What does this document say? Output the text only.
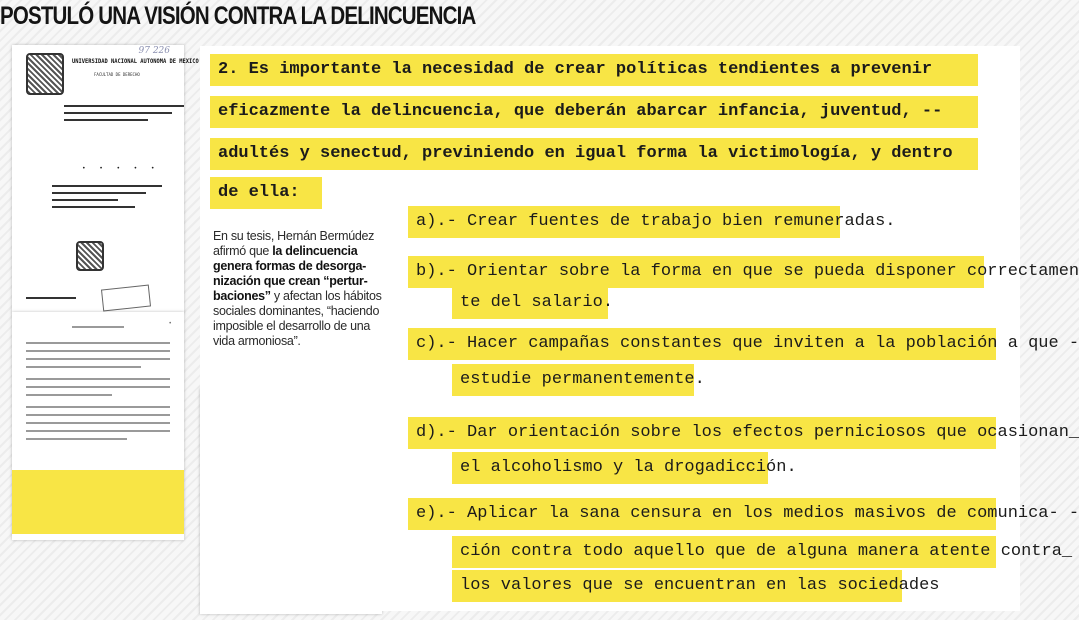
POSTULÓ UNA VISIÓN CONTRA LA DELINCUENCIA
UNIVERSIDAD NACIONAL AUTONOMA DE MEXICO
FACULTAD DE DERECHO
97 226
• • • • •
•
2. Es importante la necesidad de crear políticas tendientes a prevenir
eficazmente la delincuencia, que deberán abarcar infancia, juventud, --
adultés y senectud, previniendo en igual forma la victimología, y dentro
de ella:
a).- Crear fuentes de trabajo bien remuneradas.
b).- Orientar sobre la forma en que se pueda disponer correctamen
te del salario.
c).- Hacer campañas constantes que inviten a la población a que -
estudie permanentemente.
d).- Dar orientación sobre los efectos perniciosos que ocasionan_
el alcoholismo y la drogadicción.
e).- Aplicar la sana censura en los medios masivos de comunica- -
ción contra todo aquello que de alguna manera atente contra_
los valores que se encuentran en las sociedades

En su tesis, Hernán Bermúdez afirmó que la delincuencia genera formas de desorganización que crean “perturbaciones” y afectan los hábitos sociales dominantes, “haciendo imposible el desarrollo de una vida armoniosa”.
